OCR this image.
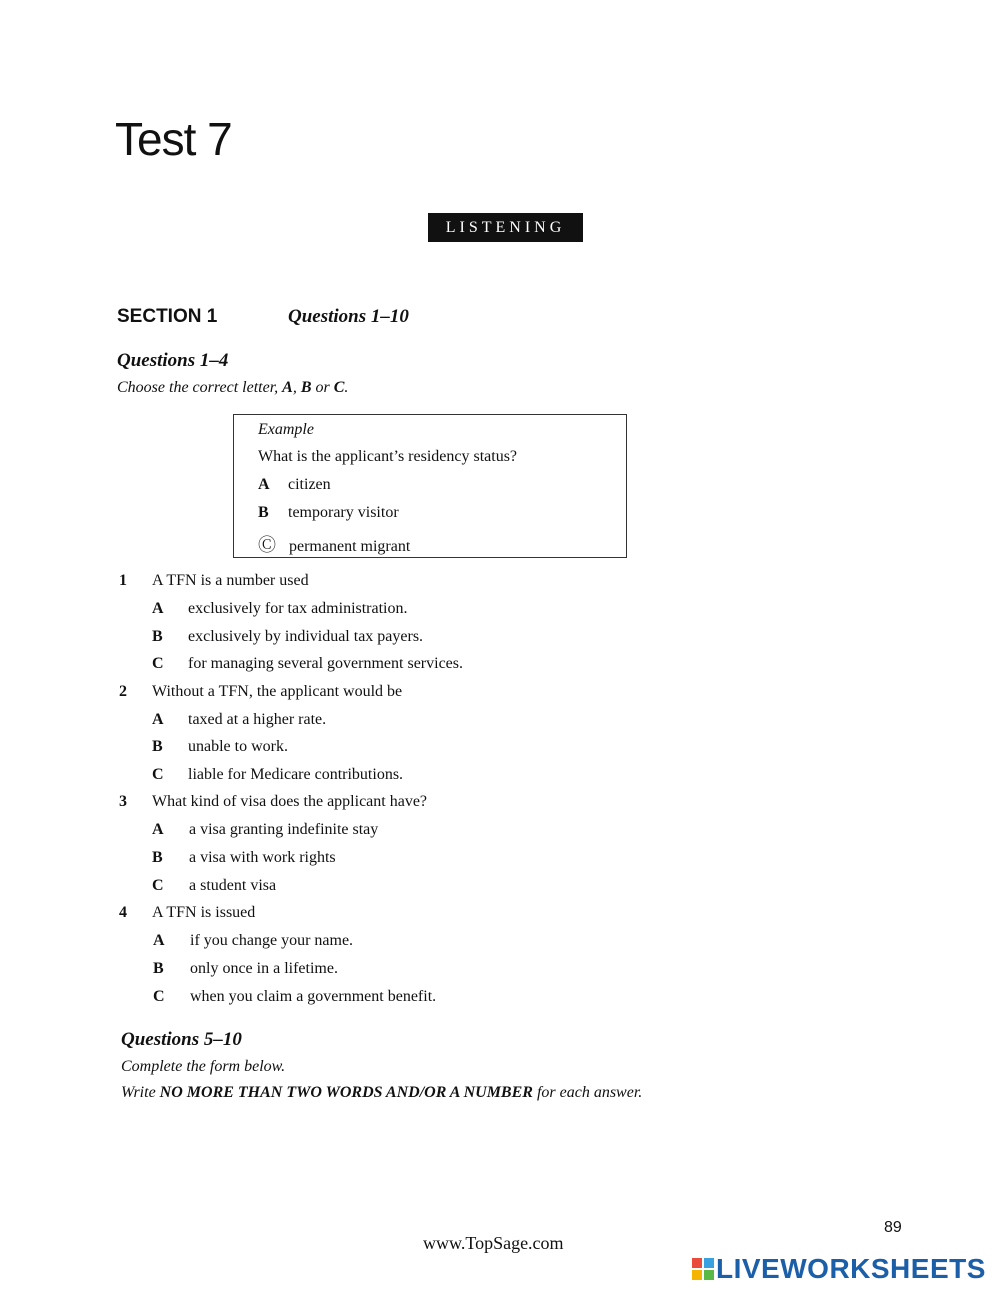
Test 7
LISTENING
SECTION 1	Questions 1–10
Questions 1–4
Choose the correct letter, A, B or C.
Example
What is the applicant’s residency status?
A citizen
B temporary visitor
Ⓒ permanent migrant
1 A TFN is a number used
A exclusively for tax administration.
B exclusively by individual tax payers.
C for managing several government services.
2 Without a TFN, the applicant would be
A taxed at a higher rate.
B unable to work.
C liable for Medicare contributions.
3 What kind of visa does the applicant have?
A a visa granting indefinite stay
B a visa with work rights
C a student visa
4 A TFN is issued
A if you change your name.
B only once in a lifetime.
C when you claim a government benefit.
Questions 5–10
Complete the form below.
Write NO MORE THAN TWO WORDS AND/OR A NUMBER for each answer.
89
www.TopSage.com
LIVEWORKSHEETS
